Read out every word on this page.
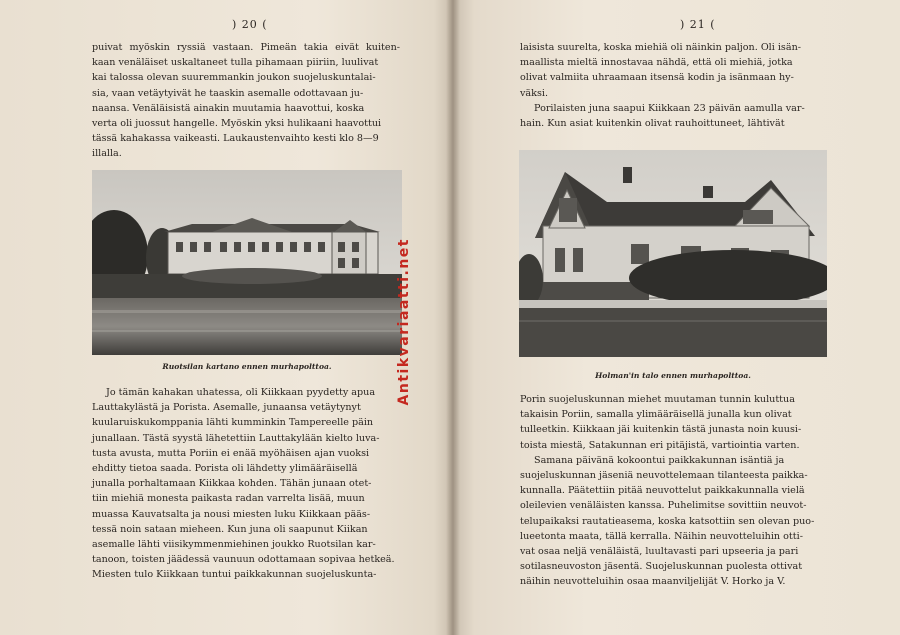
) 20 (
puivat myöskin ryssiä vastaan. Pimeän takia eivät kuiten-
kaan venäläiset uskaltaneet tulla pihamaan piiriin, luulivat
kai talossa olevan suuremmankin joukon suojeluskuntalai-
sia, vaan vetäytyivät he taaskin asemalle odottavaan ju-
naansa. Venäläisistä ainakin muutamia haavottui, koska
verta oli juossut hangelle. Myöskin yksi hulikaani haavottui
tässä kahakassa vaikeasti. Laukaustenvaihto kesti klo 8—9
illalla.
Ruotsilan kartano ennen murhapolttoa.
Jo tämän kahakan uhatessa, oli Kiikkaan pyydetty apua
Lauttakylästä ja Porista. Asemalle, junaansa vetäytynyt
kuularuiskukomppania lähti kumminkin Tampereelle päin
junallaan. Tästä syystä lähetettiin Lauttakylään kielto luva-
tusta avusta, mutta Poriin ei enää myöhäisen ajan vuoksi
ehditty tietoa saada. Porista oli lähdetty ylimääräisellä
junalla porhaltamaan Kiikkaa kohden. Tähän junaan otet-
tiin miehiä monesta paikasta radan varrelta lisää, muun
muassa Kauvatsalta ja nousi miesten luku Kiikkaan pääs-
tessä noin sataan mieheen. Kun juna oli saapunut Kiikan
asemalle lähti viisikymmenmiehinen joukko Ruotsilan kar-
tanoon, toisten jäädessä vaunuun odottamaan sopivaa hetkeä.
Miesten tulo Kiikkaan tuntui paikkakunnan suojeluskunta-
Antikvariaatti.net
) 21 (
laisista suurelta, koska miehiä oli näinkin paljon. Oli isän-
maallista mieltä innostavaa nähdä, että oli miehiä, jotka
olivat valmiita uhraamaan itsensä kodin ja isänmaan hy-
väksi.
Porilaisten juna saapui Kiikkaan 23 päivän aamulla var-
hain. Kun asiat kuitenkin olivat rauhoittuneet, lähtivät
Holman'in talo ennen murhapolttoa.
Porin suojeluskunnan miehet muutaman tunnin kuluttua
takaisin Poriin, samalla ylimääräisellä junalla kun olivat
tulleetkin. Kiikkaan jäi kuitenkin tästä junasta noin kuusi-
toista miestä, Satakunnan eri pitäjistä, vartiointia varten.
Samana päivänä kokoontui paikkakunnan isäntiä ja
suojeluskunnan jäseniä neuvottelemaan tilanteesta paikka-
kunnalla. Päätettiin pitää neuvottelut paikkakunnalla vielä
oleilevien venäläisten kanssa. Puhelimitse sovittiin neuvot-
telupaikaksi rautatieasema, koska katsottiin sen olevan puo-
lueetonta maata, tällä kerralla. Näihin neuvotteluihin otti-
vat osaa neljä venäläistä, luultavasti pari upseeria ja pari
sotilasneuvoston jäsentä. Suojeluskunnan puolesta ottivat
näihin neuvotteluihin osaa maanviljelijät V. Horko ja V.
